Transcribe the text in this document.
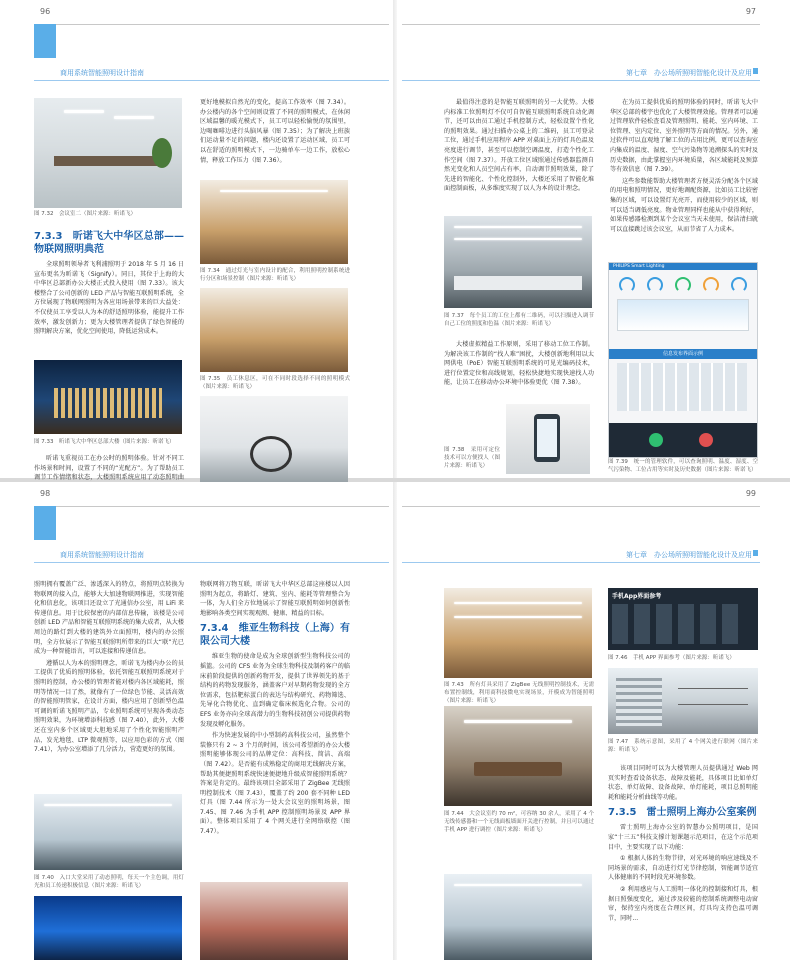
96	97
商用系统智能照明设计指南	第七章　办公场所照明智能化设计及应用
图 7.32　会议室二（图片来源：昕诺飞）
7.3.3　昕诺飞大中华区总部——物联网照明典范

全球照明领导者飞利浦照明于 2018 年 5 月 16 日宣布更名为昕诺飞（Signify）。同日，其位于上海的大中华区总部新办公大楼正式投入使用（图 7.33）。该大楼整合了公司创新的 LED 产品与智能互联照明系统，全方位展现了物联网照明为各应用场景带来的巨大益处：不仅使员工享受以人为本的舒适照明体验，能提升工作效率，激发创新力；更为大楼管理者提供了绿色智能的照明解决方案，优化空间使用，降低运营成本。

图 7.33　昕诺飞大中华区总部大楼（图片来源：昕诺飞）

昕诺飞重视员工在办公时的照明体验。针对不同工作场景和时间，设置了不同的“光配方”。为了帮助员工调节工作情绪和状态，大楼照明系统应用了动态照明曲

更好地模拟自然光的变化，提高工作效率（图 7.34）。办公楼内的各个空间则设置了不同的照明模式，在休闲区域温馨的暖光模式下，员工可以轻松愉悦的氛围里，边喝咖啡边进行头脑风暴（图 7.35）；为了解决上班族们运动量不足的问题，楼内还设置了运动区域，员工可以在舒适的照明模式下，一边骑单车一边工作，放松心情，释放工作压力（图 7.36）。

图 7.34　通过灯光与室内设计的配合，利用照明控制系统进行分区和场景控制（图片来源：昕诺飞）
图 7.35　员工休息区，可在不同时段选择不同的照明模式（图片来源：昕诺飞）

最值得注意的是智能互联照明的另一大优势。大楼内标准工位照明灯不仅可自智能互联照明系统自动化调节，还可以由员工通过手机控制方式，轻松设置个性化的照明效果。通过扫描办公桌上的二维码，员工可登录工位，通过手机应用程序 APP 对桌面上方的灯具色温及亮度进行调节，甚至可以控制空调温度，打造个性化工作空间（图 7.37）。开放工位区域照通过传感器监测自然光变化和人员空间占有率，自动调节照明效果，除了先进的智能化、个性化控制外，大楼还采用了智能化堆面控制面板，从多维度实现了以人为本的设计理念。

图 7.37　每个员工的工位上都有二维码，可以扫描进入调节自己工位的照度和色温（图片来源：昕诺飞）

大楼虚拟精益工作原则，采用了移动工位工作制。为解决该工作制的“找人难”困扰，大楼创新地利用以太网供电（PoE）智能互联照明系统的可见光编码技术，进行位置定位和高线规划，轻松快捷地实现快速找人功能，让员工在移动办公环境中体验更优（图 7.38）。

图 7.38　采用可定位技术可以方便找人（图片来源：昕诺飞）

在为员工提供优质的照明体验的同时，昕诺飞大中华区总部的楼宇也优化了大楼管理效能。管理者可以通过管理软件轻松查看及管理照明、能耗、室内环境、工位管理、室内定位、室外照明等方面的情况。另外，通过软件可以直观地了解工位的占用比例，更可以查询室内集成的温度、湿度、空气污染物等追溯探头的实时及历史数据，由此掌握室内环境质量，各区域能耗及预算等有效信息（图 7.39）。

这些参数能帮助大楼管理者方便灵活分配各个区域的用电和照明情况，更好地调配资源，比如员工比较密集的区域，可以设置灯光亮开，而使用较少的区域，则可以适当调低亮度。物业管理同样也能从中获得利好，如果传感器检测到某个会议室当天未使用，保洁清扫就可以直接跳过该会议室，从而节省了人力成本。

PHILIPS Smart Lighting
信息发布界面示例
图 7.39　统一的管理软件，可以查询照明、温度、湿度、空气污染物、工位占用等实时及历史数据（图片来源：昕诺飞）
98	99
商用系统智能照明设计指南	第七章　办公场所照明智能化设计及应用

照明拥有覆盖广泛、渗透深入的特点，将照明点转换为物联网的接入点，能够大大加速物联网推进，实现智能化和信息化，该项目还设立了光通信办公室，用 LiFi 来传递信息。用于比较保密的内部信息传输，该楼是公司创新 LED 产品和智能互联照明系统的集大成者，从大楼周边的路灯到大楼的建筑外立面照明，楼内的办公照明，全方位展示了智能互联照明所带来的巨大“联”光已成为一种智能语言，可以连接和传递信息。

遵循以人为本的照明理念，昕诺飞为楼内办公的员工提供了优质的照明体验，依托智能互联照明系统对于照明的控制，办公楼的管理者能对楼内各区域能耗，照明等情况一目了然，就像有了一位绿色节能、灵活高效的智能照明管家，在设计方面，楼内应用了创新型色温可调的昕诺飞照明产品，专业照明系统可呈现各类动态照明效果，为环境增添科技感（图 7.40），此外，大楼还在室内多个区域更大胆地采用了个性化智能照明产品，发光地毯、LTP 微观照等，以应用色彩的方式（图 7.41），为办公室增添了几分活力，营造更好的氛围。

图 7.40　入口大堂采用了动态照明，每天一个主色调，用灯光和员工传递积极信息（图片来源：昕诺飞）

物联网将万物互联，昕诺飞大中华区总部这座楼以人因照明为起点，将路灯、建筑、室内、能耗等管理整合为一体，为人们全方位地展示了智能互联照明如何创新性地影响各类空间实现观测、健康、精益的目标。

7.3.4　维亚生物科技（上海）有限公司大楼

维亚生物的使命是成为全球创新型生物科技公司的摇篮。公司的 CFS 业务为全球生物科技及制药客户的临床前阶段提供的创新药物开发，提供了世界领先的基于结构的药物发现服务，涵盖客户对早期药物发现的全方位需求，包括靶标蛋白的表达与结构研究、药物筛选、先导化合物优化、直到确定临床候选化合物。公司的 EFS 业务亦向全球高潜力的生物科技初创公司提供药物发现及孵化服务。

作为快速发展的中小型制药高科技公司，虽然整个装修只有 2 ~ 3 个月的时间，该公司希望新的办公大楼照明能够体现公司的品牌定位：高科技、简洁、高端（图 7.42）。是否能有成熟稳定的商用无线解决方案，帮助其便捷照明系统快速便捷地升级成智能照明系统？答案是肯定的。最终该项目全部采用了 ZigBee 无线照明控制技术（图 7.43），覆盖了约 200 套不同种 LED 灯具（图 7.44 所示为一处大会议室的照明场景，图 7.45、图 7.46 为手机 APP 控制照明场景及 APP 界面）。整体项目采用了 4 个网关进行全网络联控（图 7.47）。

图 7.43　所有灯具采用了 ZigBee 无线照明控制技术，无需布置控制线，利用商科技微电实现场景，开模成为智能照明（图片来源：昕诺飞）
图 7.44　大会议室约 70 m²，可容纳 30 余人，采用了 4 个无线传感器和一个无线面板墙面开关进行控制，并且可以通过手机 APP 进行调控（图片来源：昕诺飞）
手机App界面参考
图 7.46　手机 APP 界面参考（图片来源：昕诺飞）
图 7.47　系统示意图，采用了 4 个网关进行联网（图片来源：昕诺飞）

该项目同时可以为大楼管理人员提供通过 Web 网页实时查看设备状态、故障及能耗，具体项目比如单灯状态、单灯故障、设备故障、单灯能耗，项目总照明能耗和能耗分析曲线等功能。

7.3.5　雷士照明上海办公室案例

雷士照明上海办公室的智慧办公照明项目，是国家“十三五”科技支撑计划课题示范项目，在这个示范项目中，主要实现了以下功能：

① 根据人体的生物节律，对光环境的响应速线及不同场景的需求，自动进行灯光节律控制，智能调节适宜人体健康的不同时段光环境参数。

② 利用感应与人工照明一体化的控制接和灯具，根据日照强度变化，通过涉及较能的控制系统调整电动窗帘，保持室内亮度在合理区间，灯具均支持色温可调节，同时...
